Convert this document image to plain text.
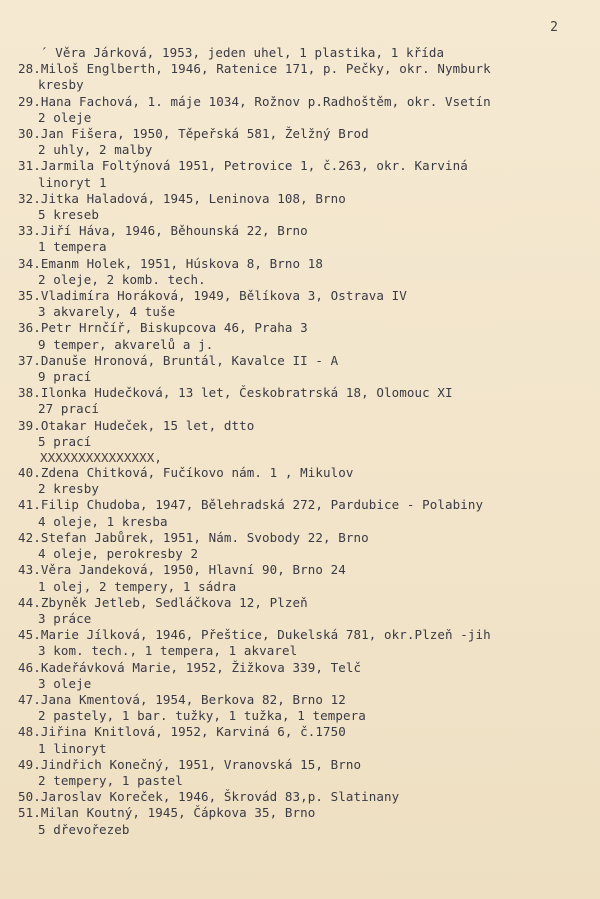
2
´ Věra Járková, 1953, jeden uhel, 1 plastika, 1 křída
28.Miloš Englberth, 1946, Ratenice 171, p. Pečky, okr. Nymburk
kresby
29.Hana Fachová, 1. máje 1034, Rožnov p.Radhoštěm, okr. Vsetín
2 oleje
30.Jan Fišera, 1950, Těpeřská 581, Želžný Brod
2 uhly, 2 malby
31.Jarmila Foltýnová 1951, Petrovice 1, č.263, okr. Karviná
linoryt 1
32.Jitka Haladová, 1945, Leninova 108, Brno
5 kreseb
33.Jiří Háva, 1946, Běhounská 22, Brno
1 tempera
34.Emanm Holek, 1951, Húskova 8, Brno 18
2 oleje, 2 komb. tech.
35.Vladimíra Horáková, 1949, Bělíkova 3, Ostrava IV
3 akvarely, 4 tuše
36.Petr Hrnčíř, Biskupcova 46, Praha 3
9 temper, akvarelů a j.
37.Danuše Hronová, Bruntál, Kavalce II - A
9 prací
38.Ilonka Hudečková, 13 let, Českobratrská 18, Olomouc XI
27 prací
39.Otakar Hudeček, 15 let, dtto
5 prací
XXXXXXXXXXXXXXX,
40.Zdena Chitková, Fučíkovo nám. 1 , Mikulov
2 kresby
41.Filip Chudoba, 1947, Bělehradská 272, Pardubice - Polabiny
4 oleje, 1 kresba
42.Stefan Jabůrek, 1951, Nám. Svobody 22, Brno
4 oleje, perokresby 2
43.Věra Jandeková, 1950, Hlavní 90, Brno 24
1 olej, 2 tempery, 1 sádra
44.Zbyněk Jetleb, Sedláčkova 12, Plzeň
3 práce
45.Marie Jílková, 1946, Přeštice, Dukelská 781, okr.Plzeň -jih
3 kom. tech., 1 tempera, 1 akvarel
46.Kadeřávková Marie, 1952, Žižkova 339, Telč
3 oleje
47.Jana Kmentová, 1954, Berkova 82, Brno 12
2 pastely, 1 bar. tužky, 1 tužka, 1 tempera
48.Jiřina Knitlová, 1952, Karviná 6, č.1750
1 linoryt
49.Jindřich Konečný, 1951, Vranovská 15, Brno
2 tempery, 1 pastel
50.Jaroslav Koreček, 1946, Škrovád 83,p. Slatinany
51.Milan Koutný, 1945, Čápkova 35, Brno
5 dřevořezeb
